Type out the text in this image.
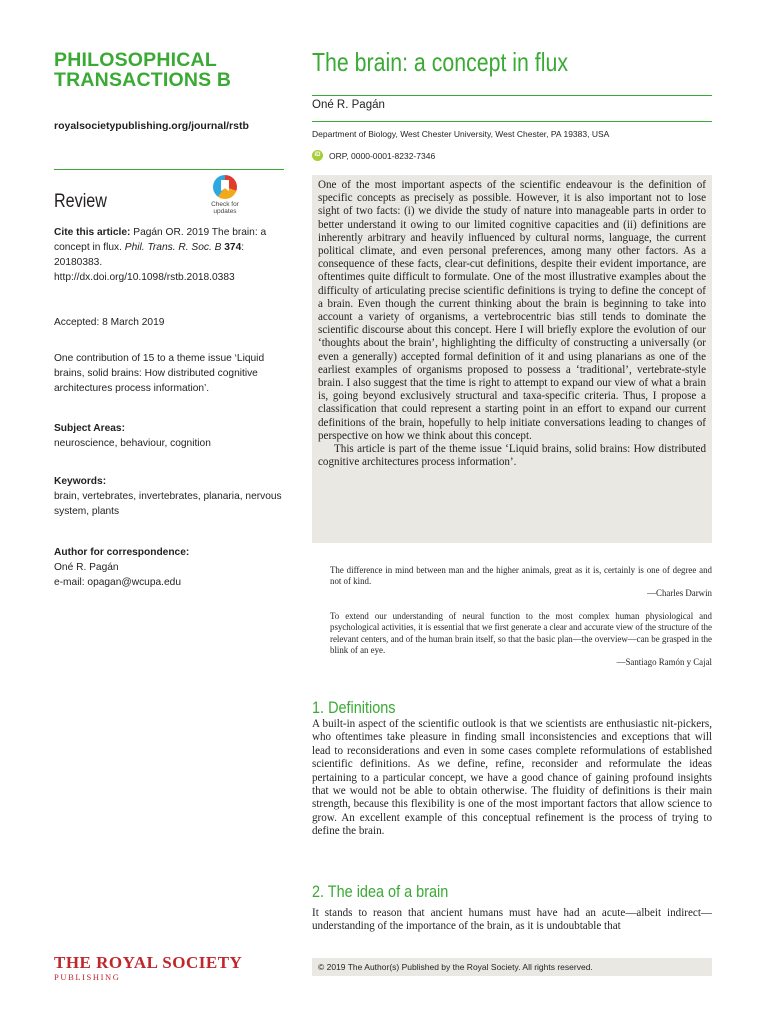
PHILOSOPHICAL
TRANSACTIONS B
royalsocietypublishing.org/journal/rstb
Review	Check for
updates
Cite this article: Pagán OR. 2019 The brain: a concept in flux. Phil. Trans. R. Soc. B 374: 20180383.
http://dx.doi.org/10.1098/rstb.2018.0383
Accepted: 8 March 2019
One contribution of 15 to a theme issue ‘Liquid brains, solid brains: How distributed cognitive architectures process information’.
Subject Areas:
neuroscience, behaviour, cognition
Keywords:
brain, vertebrates, invertebrates, planaria, nervous system, plants
Author for correspondence:
Oné R. Pagán
e-mail: opagan@wcupa.edu
THE ROYAL SOCIETY
PUBLISHING
The brain: a concept in flux
Oné R. Pagán
Department of Biology, West Chester University, West Chester, PA 19383, USA
iD ORP, 0000-0001-8232-7346

One of the most important aspects of the scientific endeavour is the definition of specific concepts as precisely as possible. However, it is also important not to lose sight of two facts: (i) we divide the study of nature into manageable parts in order to better understand it owing to our limited cognitive capacities and (ii) definitions are inherently arbitrary and heavily influenced by cultural norms, language, the current political climate, and even personal preferences, among many other factors. As a consequence of these facts, clear-cut definitions, despite their evident importance, are oftentimes quite difficult to formulate. One of the most illustrative examples about the difficulty of articulating precise scientific definitions is trying to define the concept of a brain. Even though the current thinking about the brain is beginning to take into account a variety of organisms, a vertebrocentric bias still tends to dominate the scientific discourse about this concept. Here I will briefly explore the evolution of our ‘thoughts about the brain’, highlighting the difficulty of constructing a universally (or even a generally) accepted formal definition of it and using planarians as one of the earliest examples of organisms proposed to possess a ‘traditional’, vertebrate-style brain. I also suggest that the time is right to attempt to expand our view of what a brain is, going beyond exclusively structural and taxa-specific criteria. Thus, I propose a classification that could represent a starting point in an effort to expand our current definitions of the brain, hopefully to help initiate conversations leading to changes of perspective on how we think about this concept.

This article is part of the theme issue ‘Liquid brains, solid brains: How distributed cognitive architectures process information’.

The difference in mind between man and the higher animals, great as it is, certainly is one of degree and not of kind.
—Charles Darwin
To extend our understanding of neural function to the most complex human physiological and psychological activities, it is essential that we first generate a clear and accurate view of the structure of the relevant centers, and of the human brain itself, so that the basic plan—the overview—can be grasped in the blink of an eye.
—Santiago Ramón y Cajal
1. Definitions

A built-in aspect of the scientific outlook is that we scientists are enthusiastic nit-pickers, who oftentimes take pleasure in finding small inconsistencies and exceptions that will lead to reconsiderations and even in some cases complete reformulations of established scientific definitions. As we define, refine, reconsider and reformulate the ideas pertaining to a particular concept, we have a good chance of gaining profound insights that we would not be able to obtain otherwise. The fluidity of definitions is their main strength, because this flexibility is one of the most important factors that allow science to grow. An excellent example of this conceptual refinement is the process of trying to define the brain.

2. The idea of a brain

It stands to reason that ancient humans must have had an acute—albeit indirect—understanding of the importance of the brain, as it is undoubtable that

© 2019 The Author(s) Published by the Royal Society. All rights reserved.
